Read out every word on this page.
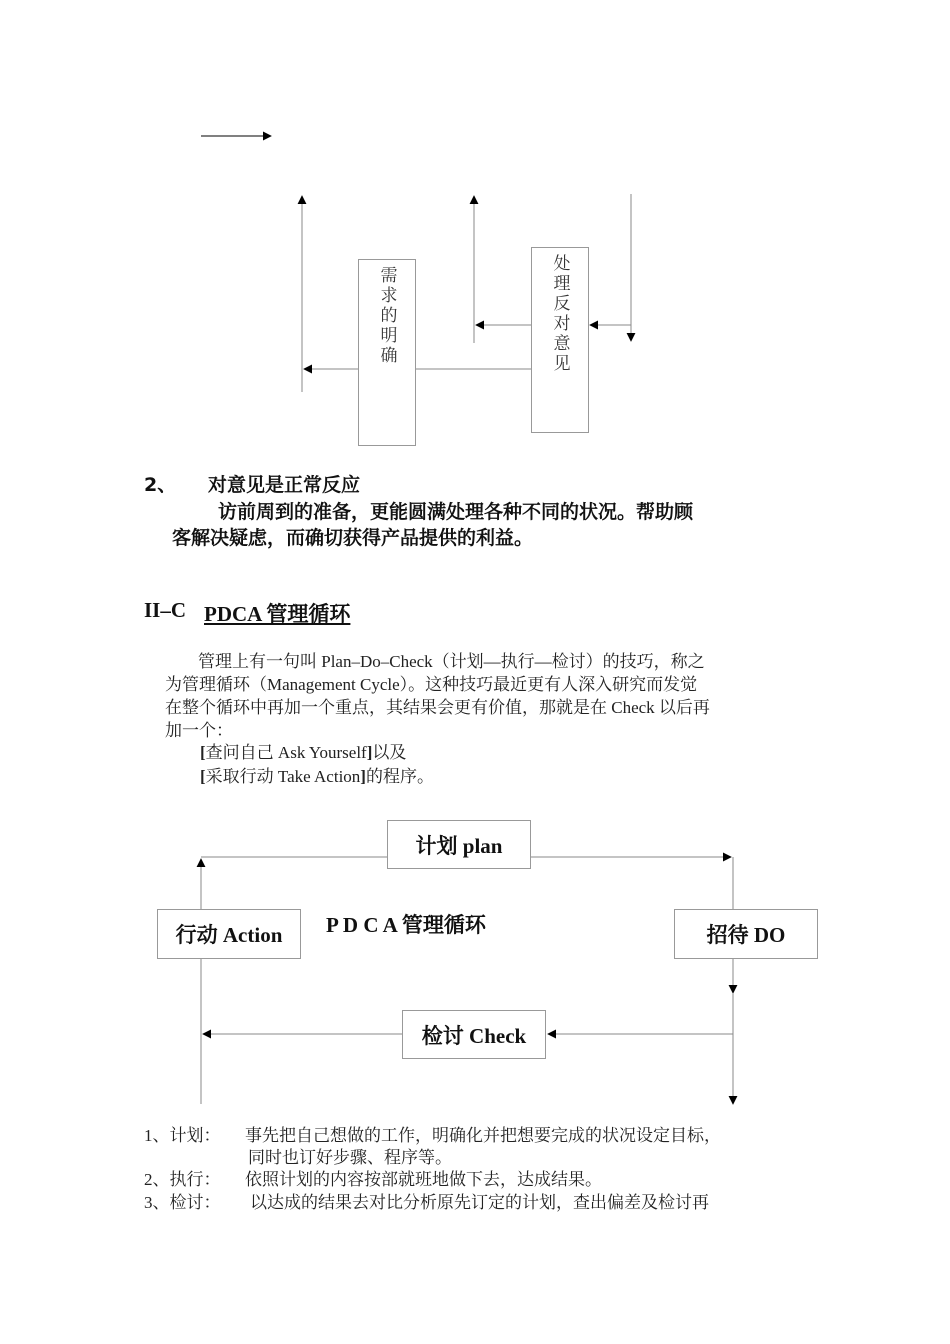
需求的明确	处理反对意见
2、 对意见是正常反应
访前周到的准备，更能圆满处理各种不同的状况。帮助顾
客解决疑虑，而确切获得产品提供的利益。
II–C PDCA 管理循环
管理上有一句叫 Plan–Do–Check（计划—执行—检讨）的技巧，称之
为管理循环（Management Cycle）。这种技巧最近更有人深入研究而发觉
在整个循环中再加一个重点，其结果会更有价值，那就是在 Check 以后再
加一个：
[查问自己 Ask Yourself]以及
[采取行动 Take Action]的程序。
计划 plan
行动 Action	招待 DO
检讨 Check
P D C A 管理循环
1、计划： 事先把自己想做的工作，明确化并把想要完成的状况设定目标，
同时也订好步骤、程序等。
2、执行： 依照计划的内容按部就班地做下去，达成结果。
3、检讨： 以达成的结果去对比分析原先订定的计划，查出偏差及检讨再
